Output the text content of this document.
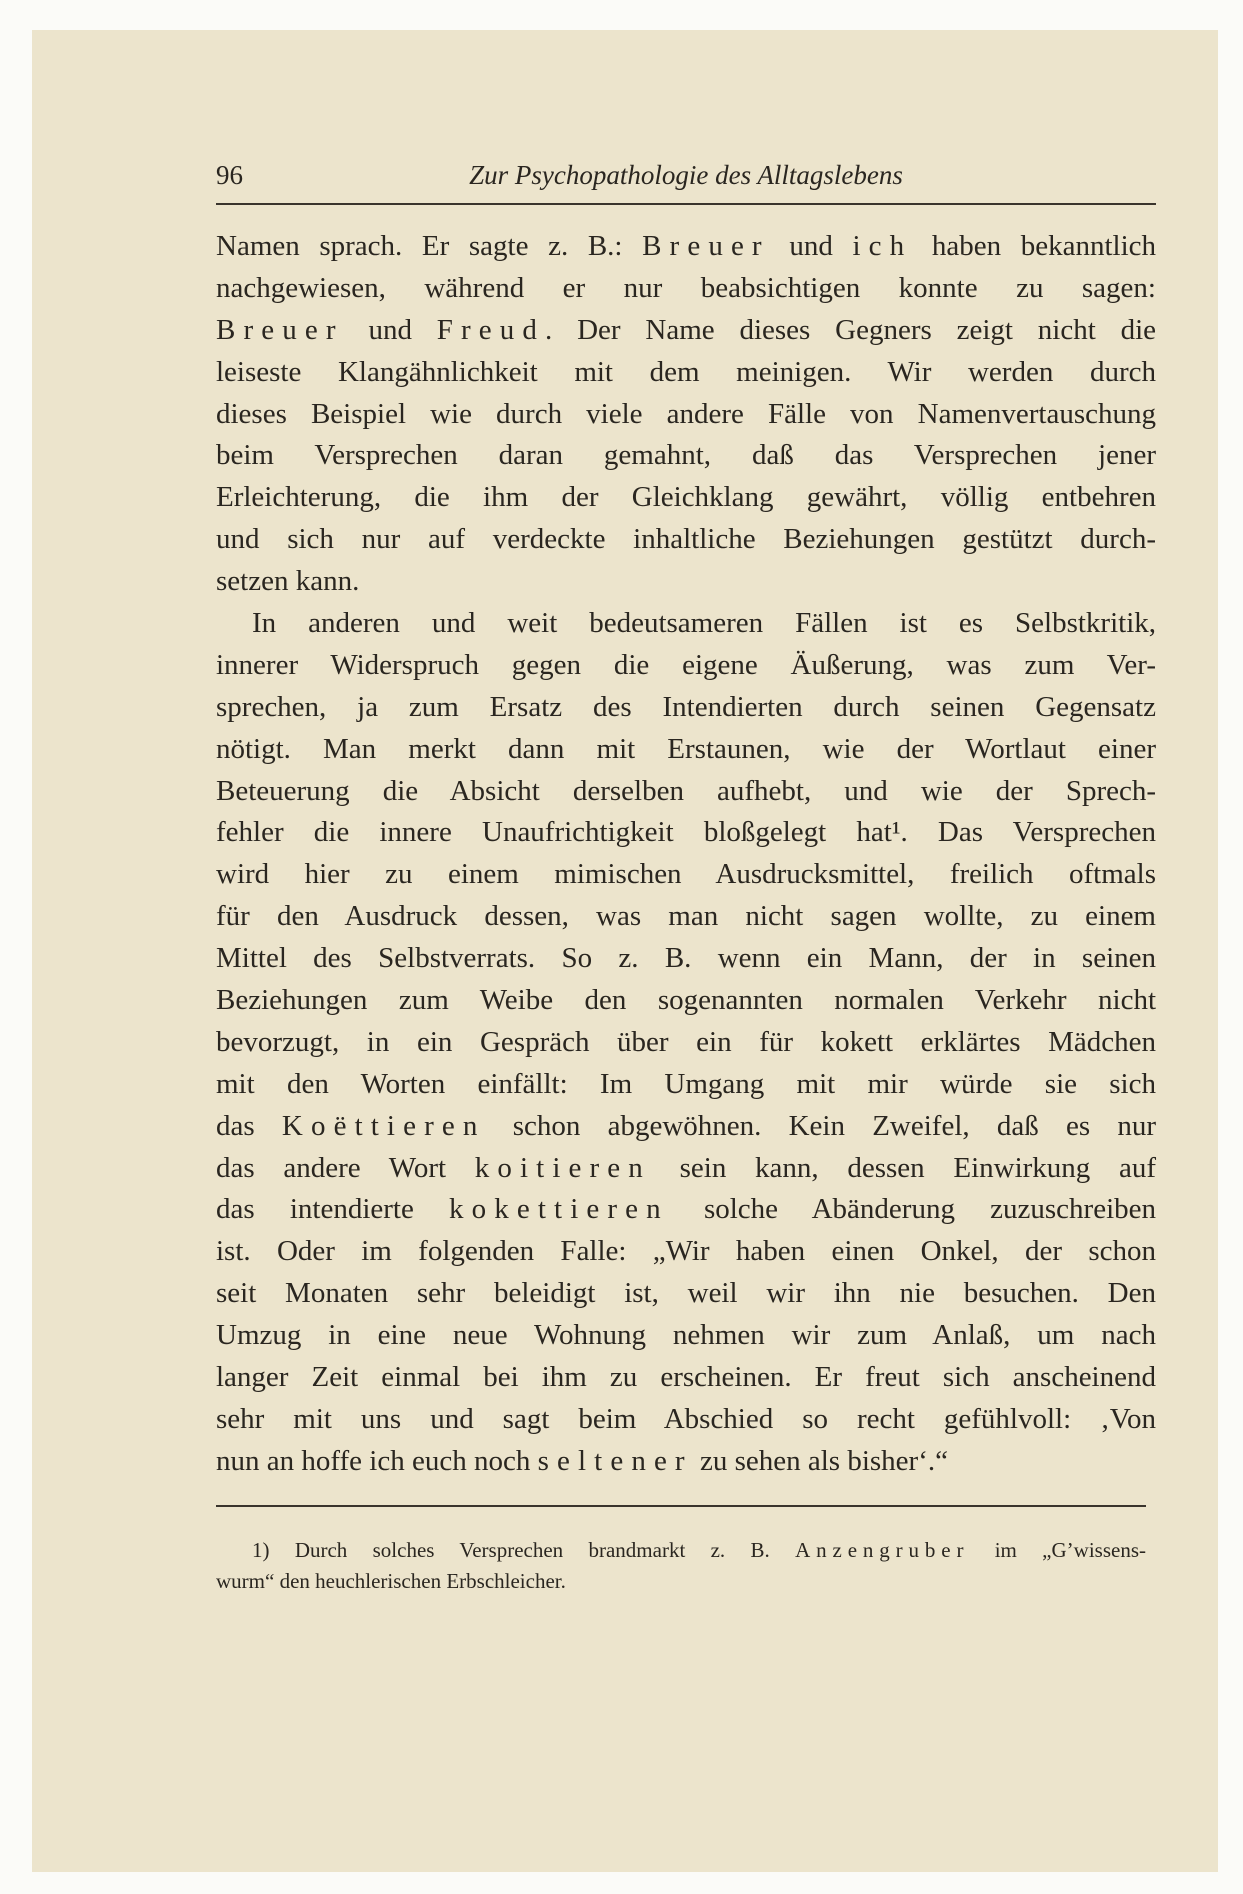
96	Zur Psychopathologie des Alltagslebens
Namen sprach. Er sagte z. B.: Breuer und ich haben bekanntlich
nachgewiesen, während er nur beabsichtigen konnte zu sagen:
Breuer und Freud. Der Name dieses Gegners zeigt nicht die
leiseste Klangähnlichkeit mit dem meinigen. Wir werden durch
dieses Beispiel wie durch viele andere Fälle von Namenvertauschung
beim Versprechen daran gemahnt, daß das Versprechen jener
Erleichterung, die ihm der Gleichklang gewährt, völlig entbehren
und sich nur auf verdeckte inhaltliche Beziehungen gestützt durch-
setzen kann.
In anderen und weit bedeutsameren Fällen ist es Selbstkritik,
innerer Widerspruch gegen die eigene Äußerung, was zum Ver-
sprechen, ja zum Ersatz des Intendierten durch seinen Gegensatz
nötigt. Man merkt dann mit Erstaunen, wie der Wortlaut einer
Beteuerung die Absicht derselben aufhebt, und wie der Sprech-
fehler die innere Unaufrichtigkeit bloßgelegt hat¹. Das Versprechen
wird hier zu einem mimischen Ausdrucksmittel, freilich oftmals
für den Ausdruck dessen, was man nicht sagen wollte, zu einem
Mittel des Selbstverrats. So z. B. wenn ein Mann, der in seinen
Beziehungen zum Weibe den sogenannten normalen Verkehr nicht
bevorzugt, in ein Gespräch über ein für kokett erklärtes Mädchen
mit den Worten einfällt: Im Umgang mit mir würde sie sich
das Koëttieren schon abgewöhnen. Kein Zweifel, daß es nur
das andere Wort koitieren sein kann, dessen Einwirkung auf
das intendierte kokettieren solche Abänderung zuzuschreiben
ist. Oder im folgenden Falle: „Wir haben einen Onkel, der schon
seit Monaten sehr beleidigt ist, weil wir ihn nie besuchen. Den
Umzug in eine neue Wohnung nehmen wir zum Anlaß, um nach
langer Zeit einmal bei ihm zu erscheinen. Er freut sich anscheinend
sehr mit uns und sagt beim Abschied so recht gefühlvoll: ‚Von
nun an hoffe ich euch noch seltener zu sehen als bisher‘.“
1) Durch solches Versprechen brandmarkt z. B. Anzengruber im „G’wissens-
wurm“ den heuchlerischen Erbschleicher.
